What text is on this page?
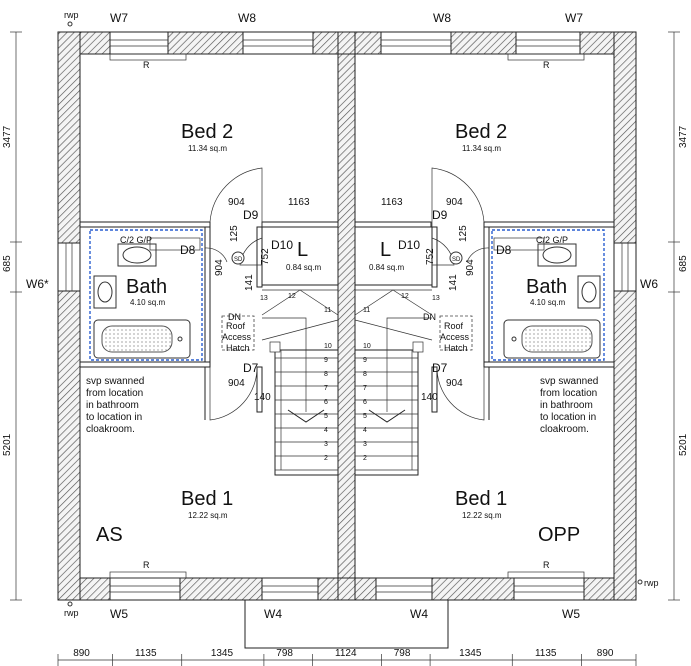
rwp
rwp
rwp
W7	W8	W8	W7
W6*	W6
W5	W4	W4	W5
R	R
R	R
Bed 2
11.34 sq.m
Bed 2
11.34 sq.m
Bed 1
12.22 sq.m
Bed 1
12.22 sq.m
Bath
4.10 sq.m
Bath
4.10 sq.m
L
0.84 sq.m
L
0.84 sq.m
D9	D9
D10	D10
D8	D8
D7	D7
C/2 G/P	C/2 G/P
SD	SD
Roof
Access
Hatch
Roof
Access
Hatch
DN	DN
svp swanned
from location
in bathroom
to location in
cloakroom.
svp swanned
from location
in bathroom
to location in
cloakroom.
904	904
1163	1163
904	904
140	140
904	904
125	125
752	752
141	141
3477
685
5201
3477
685
5201
AS	OPP
2	2
3	3
4	4
5	5
6	6
7	7
8	8
9	9
10	10
11
12
13
11
12	13
890	1135	1345	798	1124	798	1345	1135	890
